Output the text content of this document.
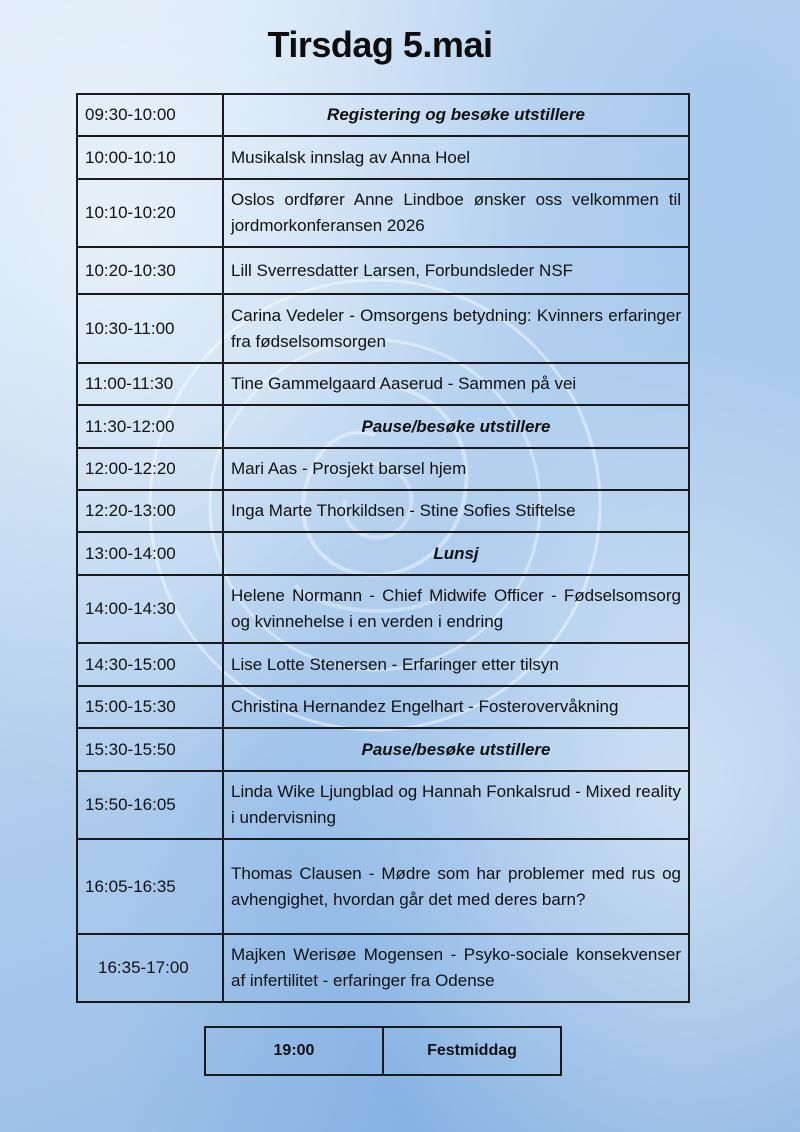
Tirsdag 5.mai
09:30-10:00	Registering og besøke utstillere
10:00-10:10	Musikalsk innslag av Anna Hoel
10:10-10:20	Oslos ordfører Anne Lindboe ønsker oss velkommen til jordmorkonferansen 2026
10:20-10:30	Lill Sverresdatter Larsen, Forbundsleder NSF
10:30-11:00	Carina Vedeler - Omsorgens betydning: Kvinners erfaringer fra fødselsomsorgen
11:00-11:30	Tine Gammelgaard Aaserud - Sammen på vei
11:30-12:00	Pause/besøke utstillere
12:00-12:20	Mari Aas - Prosjekt barsel hjem
12:20-13:00	Inga Marte Thorkildsen - Stine Sofies Stiftelse
13:00-14:00	Lunsj
14:00-14:30	Helene Normann - Chief Midwife Officer - Fødselsomsorg og kvinnehelse i en verden i endring
14:30-15:00	Lise Lotte Stenersen - Erfaringer etter tilsyn
15:00-15:30	Christina Hernandez Engelhart - Fosterovervåkning
15:30-15:50	Pause/besøke utstillere
15:50-16:05	Linda Wike Ljungblad og Hannah Fonkalsrud - Mixed reality i undervisning
16:05-16:35	Thomas Clausen - Mødre som har problemer med rus og avhengighet, hvordan går det med deres barn?
16:35-17:00	Majken Werisøe Mogensen - Psyko-sociale konsekvenser af infertilitet - erfaringer fra Odense
19:00	Festmiddag
